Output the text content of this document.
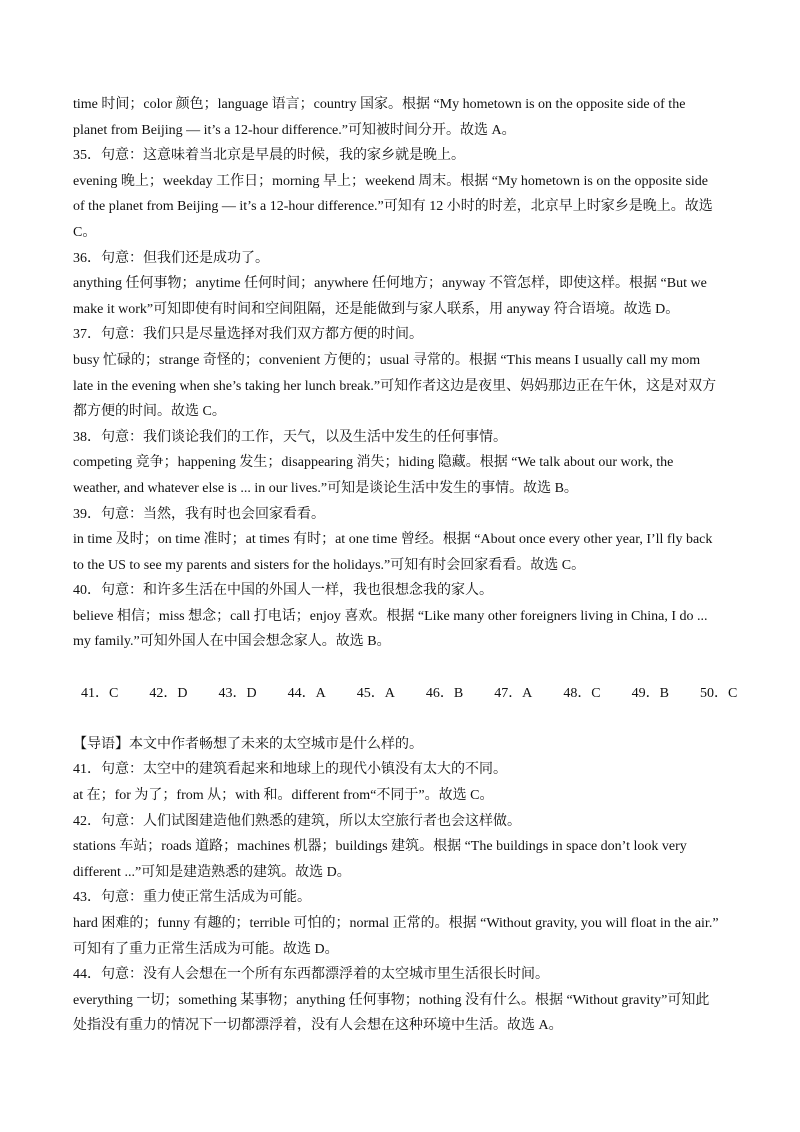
time 时间；color 颜色；language 语言；country 国家。根据 “My hometown is on the opposite side of the
planet from Beijing — it’s a 12-hour difference.”可知被时间分开。故选 A。
35．句意：这意味着当北京是早晨的时候，我的家乡就是晚上。
evening 晚上；weekday 工作日；morning 早上；weekend 周末。根据 “My hometown is on the opposite side
of the planet from Beijing — it’s a 12-hour difference.”可知有 12 小时的时差，北京早上时家乡是晚上。故选
C。
36．句意：但我们还是成功了。
anything 任何事物；anytime 任何时间；anywhere 任何地方；anyway 不管怎样，即使这样。根据 “But we
make it work”可知即使有时间和空间阻隔，还是能做到与家人联系，用 anyway 符合语境。故选 D。
37．句意：我们只是尽量选择对我们双方都方便的时间。
busy 忙碌的；strange 奇怪的；convenient 方便的；usual 寻常的。根据 “This means I usually call my mom
late in the evening when she’s taking her lunch break.”可知作者这边是夜里、妈妈那边正在午休，这是对双方
都方便的时间。故选 C。
38．句意：我们谈论我们的工作，天气，以及生活中发生的任何事情。
competing 竞争；happening 发生；disappearing 消失；hiding 隐藏。根据 “We talk about our work, the
weather, and whatever else is ... in our lives.”可知是谈论生活中发生的事情。故选 B。
39．句意：当然，我有时也会回家看看。
in time 及时；on time 准时；at times 有时；at one time 曾经。根据 “About once every other year, I’ll fly back
to the US to see my parents and sisters for the holidays.”可知有时会回家看看。故选 C。
40．句意：和许多生活在中国的外国人一样，我也很想念我的家人。
believe 相信；miss 想念；call 打电话；enjoy 喜欢。根据 “Like many other foreigners living in China, I do ...
my family.”可知外国人在中国会想念家人。故选 B。
41．C 42．D 43．D 44．A 45．A 46．B 47．A 48．C 49．B 50．C
【导语】本文中作者畅想了未来的太空城市是什么样的。
41．句意：太空中的建筑看起来和地球上的现代小镇没有太大的不同。
at 在；for 为了；from 从；with 和。different from“不同于”。故选 C。
42．句意：人们试图建造他们熟悉的建筑，所以太空旅行者也会这样做。
stations 车站；roads 道路；machines 机器；buildings 建筑。根据 “The buildings in space don’t look very
different ...”可知是建造熟悉的建筑。故选 D。
43．句意：重力使正常生活成为可能。
hard 困难的；funny 有趣的；terrible 可怕的；normal 正常的。根据 “Without gravity, you will float in the air.”
可知有了重力正常生活成为可能。故选 D。
44．句意：没有人会想在一个所有东西都漂浮着的太空城市里生活很长时间。
everything 一切；something 某事物；anything 任何事物；nothing 没有什么。根据 “Without gravity”可知此
处指没有重力的情况下一切都漂浮着，没有人会想在这种环境中生活。故选 A。
